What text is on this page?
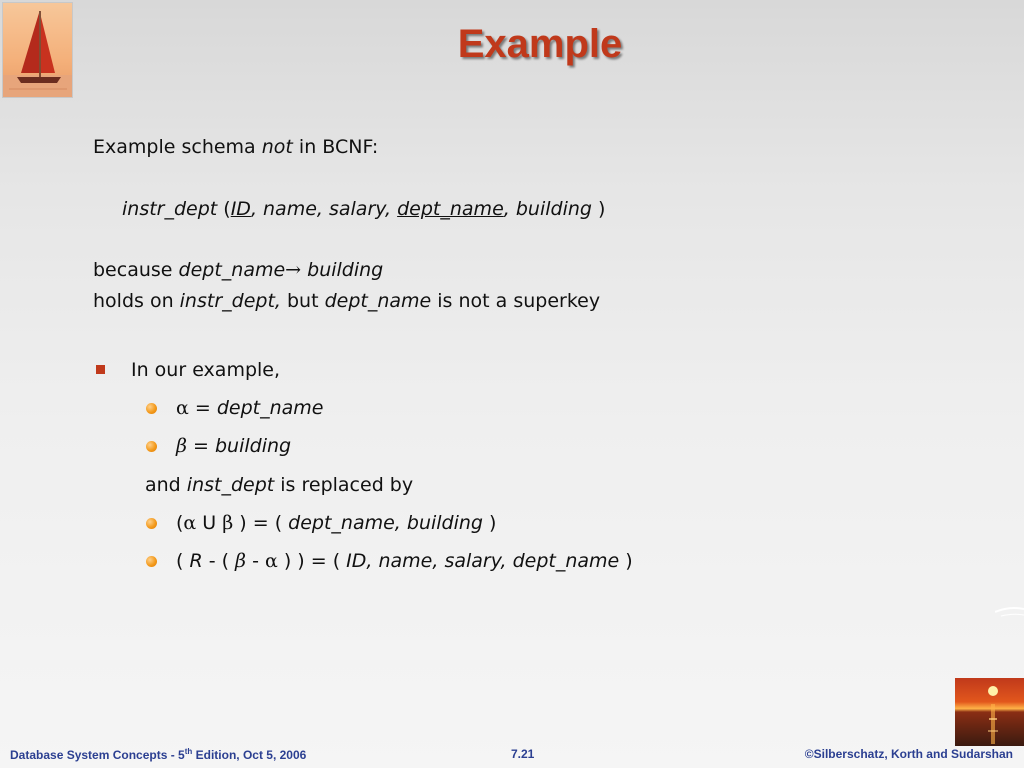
Example
Example schema not in BCNF:
instr_dept (ID, name, salary, dept_name, building )
because dept_name→ building
holds on instr_dept, but dept_name is not a superkey
In our example,
α = dept_name
β = building
and inst_dept is replaced by
(α U β ) = ( dept_name, building )
( R - ( β - α ) ) = ( ID, name, salary, dept_name )
Database System Concepts - 5th Edition, Oct 5, 2006	7.21	©Silberschatz, Korth and Sudarshan
